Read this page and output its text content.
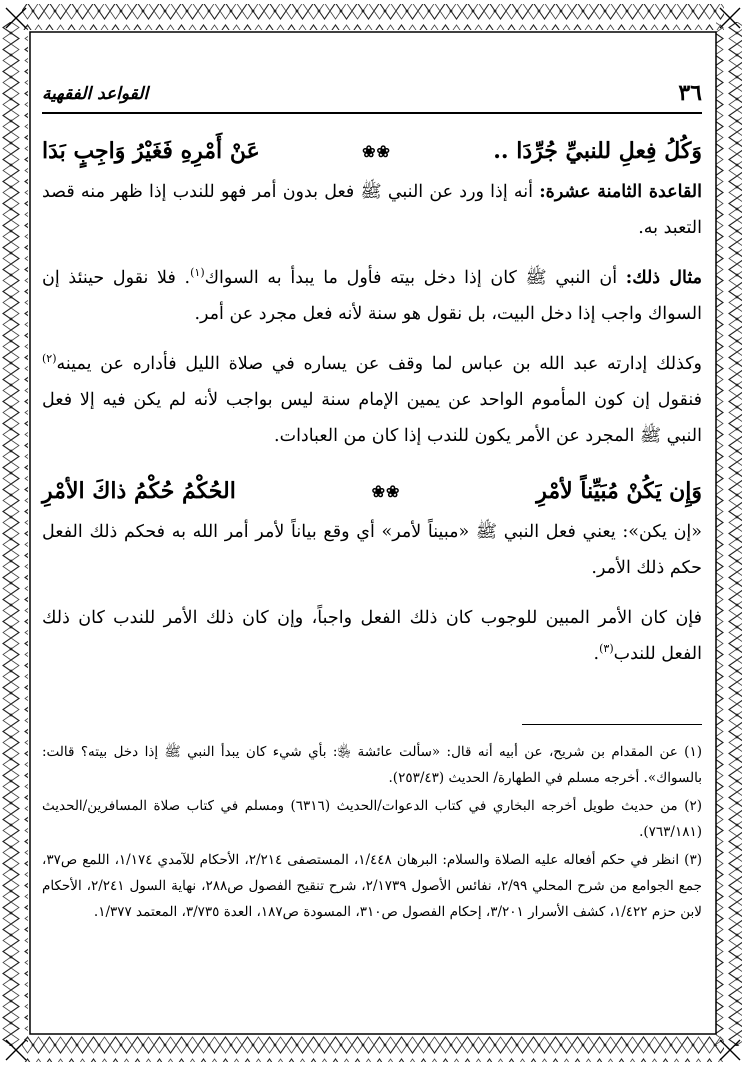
٣٦
القواعد الفقهية
وَكُلُ فِعلِ للنبيِّ جُرِّدَا ..
❀❀
عَنْ أَمْرِهِ فَغَيْرُ وَاجِبٍ بَدَا

القاعدة الثامنة عشرة: أنه إذا ورد عن النبي ﷺ فعل بدون أمر فهو للندب إذا ظهر منه قصد التعبد به.

مثال ذلك: أن النبي ﷺ كان إذا دخل بيته فأول ما يبدأ به السواك$^{(١)}$. فلا نقول حينئذ إن السواك واجب إذا دخل البيت، بل نقول هو سنة لأنه فعل مجرد عن أمر.

وكذلك إدارته عبد الله بن عباس لما وقف عن يساره في صلاة الليل فأداره عن يمينه$^{(٢)}$ فنقول إن كون المأموم الواحد عن يمين الإمام سنة ليس بواجب لأنه لم يكن فيه إلا فعل النبي ﷺ المجرد عن الأمر يكون للندب إذا كان من العبادات.

وَإِن يَكُنْ مُبَيِّناً لأمْرِ
❀❀
الحُكْمُ حُكْمُ ذاكَ الأمْرِ

«إن يكن»: يعني فعل النبي ﷺ «مبيناً لأمر» أي وقع بياناً لأمر أمر الله به فحكم ذلك الفعل حكم ذلك الأمر.

فإن كان الأمر المبين للوجوب كان ذلك الفعل واجباً، وإن كان ذلك الأمر للندب كان ذلك الفعل للندب$^{(٣)}$.

(١) عن المقدام بن شريح، عن أبيه أنه قال: «سألت عائشة ﵂: بأي شيء كان يبدأ النبي ﷺ إذا دخل بيته؟ قالت: بالسواك». أخرجه مسلم في الطهارة/ الحديث (٢٥٣/٤٣).

(٢) من حديث طويل أخرجه البخاري في كتاب الدعوات/الحديث (٦٣١٦) ومسلم في كتاب صلاة المسافرين/الحديث (٧٦٣/١٨١).

(٣) انظر في حكم أفعاله عليه الصلاة والسلام: البرهان ١/٤٤٨، المستصفى ٢/٢١٤، الأحكام للآمدي ١/١٧٤، اللمع ص٣٧، جمع الجوامع من شرح المحلي ٢/٩٩، نفائس الأصول ٢/١٧٣٩، شرح تنقيح الفصول ص٢٨٨، نهاية السول ٢/٢٤١، الأحكام لابن حزم ١/٤٢٢، كشف الأسرار ٣/٢٠١، إحكام الفصول ص٣١٠، المسودة ص١٨٧، العدة ٣/٧٣٥، المعتمد ١/٣٧٧.
